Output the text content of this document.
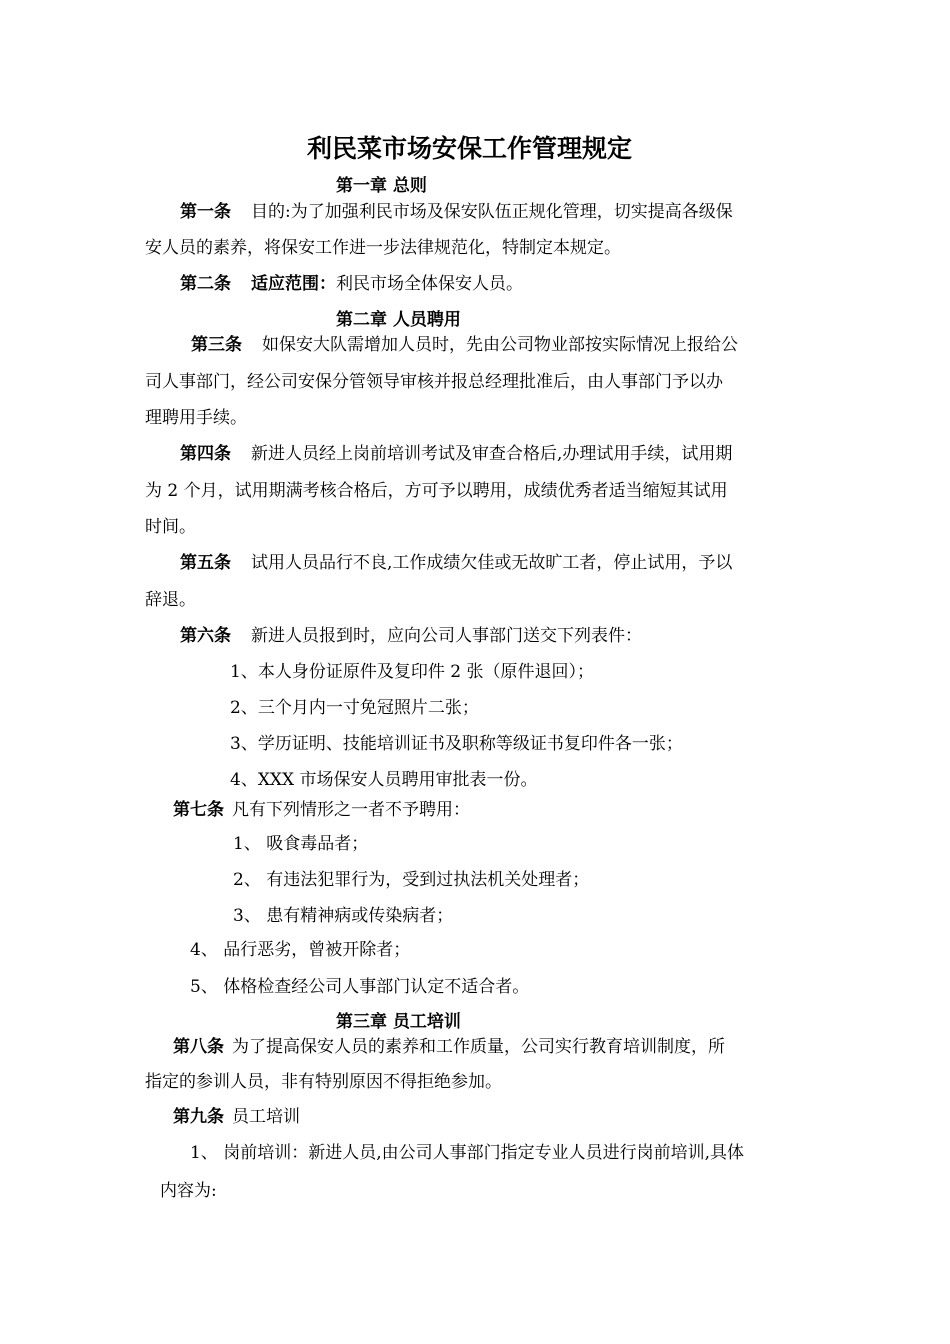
利民菜市场安保工作管理规定
第一章 总则
第一条 目的:为了加强利民市场及保安队伍正规化管理，切实提高各级保
安人员的素养，将保安工作进一步法律规范化，特制定本规定。
第二条 适应范围：利民市场全体保安人员。
第二章 人员聘用
第三条 如保安大队需增加人员时，先由公司物业部按实际情况上报给公
司人事部门，经公司安保分管领导审核并报总经理批准后，由人事部门予以办
理聘用手续。
第四条 新进人员经上岗前培训考试及审查合格后,办理试用手续，试用期
为 2 个月，试用期满考核合格后，方可予以聘用，成绩优秀者适当缩短其试用
时间。
第五条 试用人员品行不良,工作成绩欠佳或无故旷工者，停止试用，予以
辞退。
第六条 新进人员报到时，应向公司人事部门送交下列表件：
1、本人身份证原件及复印件 2 张（原件退回）；
2、三个月内一寸免冠照片二张；
3、学历证明、技能培训证书及职称等级证书复印件各一张；
4、XXX 市场保安人员聘用审批表一份。
第七条 凡有下列情形之一者不予聘用：
1、 吸食毒品者；
2、 有违法犯罪行为，受到过执法机关处理者；
3、 患有精神病或传染病者；
4、 品行恶劣，曾被开除者；
5、 体格检查经公司人事部门认定不适合者。
第三章 员工培训
第八条 为了提高保安人员的素养和工作质量，公司实行教育培训制度，所
指定的参训人员，非有特别原因不得拒绝参加。
第九条 员工培训
1、 岗前培训：新进人员,由公司人事部门指定专业人员进行岗前培训,具体
内容为:
